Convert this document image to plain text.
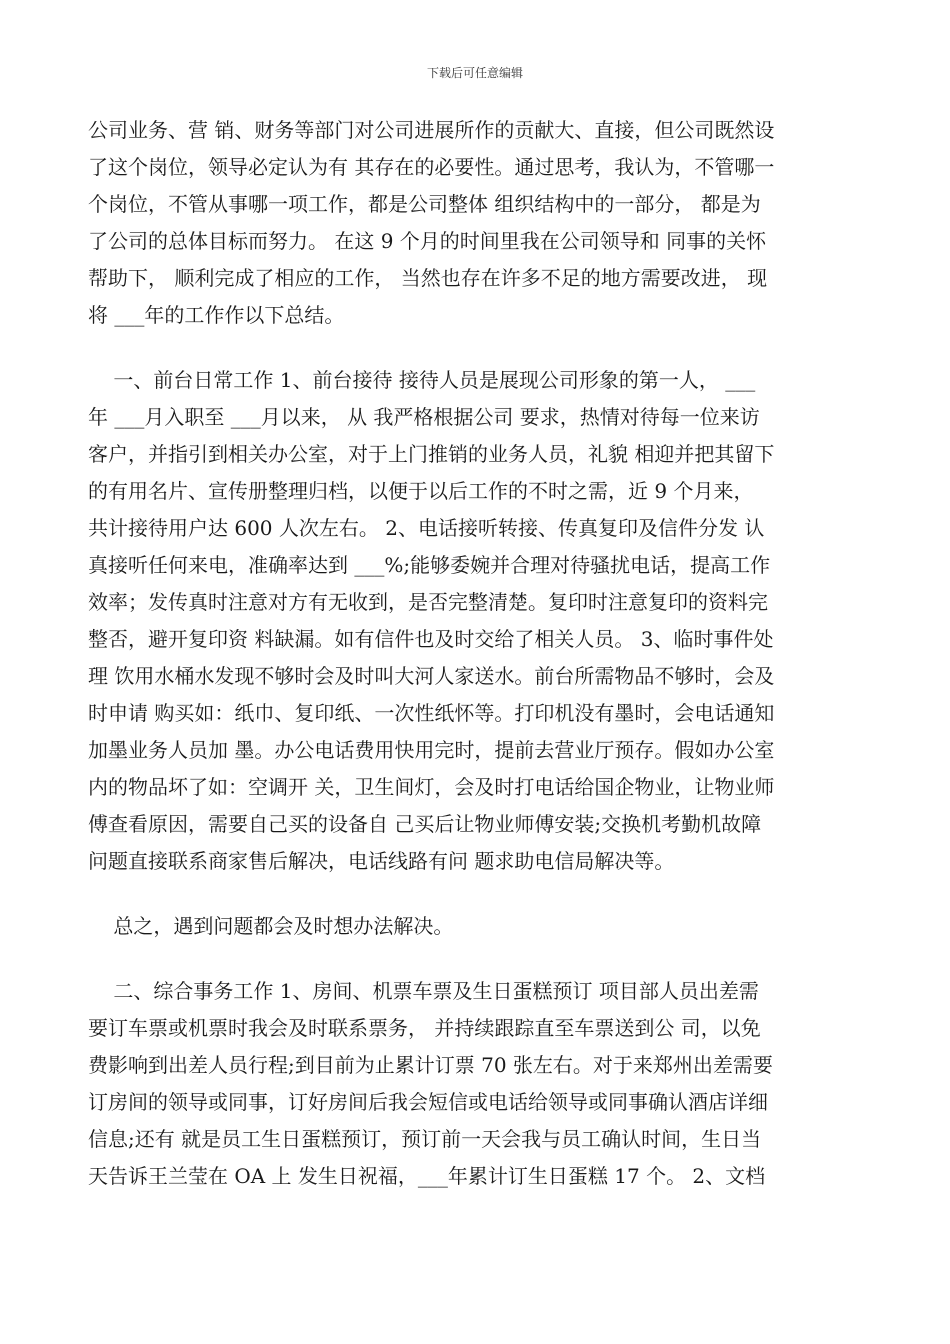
下载后可任意编辑
公司业务、营 销、财务等部门对公司进展所作的贡献大、直接，但公司既然设
了这个岗位，领导必定认为有 其存在的必要性。通过思考，我认为，不管哪一
个岗位，不管从事哪一项工作，都是公司整体 组织结构中的一部分， 都是为
了公司的总体目标而努力。 在这 9 个月的时间里我在公司领导和 同事的关怀
帮助下， 顺利完成了相应的工作， 当然也存在许多不足的地方需要改进， 现
将 ___年的工作作以下总结。
一、前台日常工作 1、前台接待 接待人员是展现公司形象的第一人， ___
年 ___月入职至 ___月以来， 从 我严格根据公司 要求，热情对待每一位来访
客户，并指引到相关办公室，对于上门推销的业务人员，礼貌 相迎并把其留下
的有用名片、宣传册整理归档，以便于以后工作的不时之需，近 9 个月来，
共计接待用户达 600 人次左右。 2、电话接听转接、传真复印及信件分发 认
真接听任何来电，准确率达到 ___%;能够委婉并合理对待骚扰电话，提高工作
效率；发传真时注意对方有无收到，是否完整清楚。复印时注意复印的资料完
整否，避开复印资 料缺漏。如有信件也及时交给了相关人员。 3、临时事件处
理 饮用水桶水发现不够时会及时叫大河人家送水。前台所需物品不够时，会及
时申请 购买如：纸巾、复印纸、一次性纸怀等。打印机没有墨时，会电话通知
加墨业务人员加 墨。办公电话费用快用完时，提前去营业厅预存。假如办公室
内的物品坏了如：空调开 关，卫生间灯，会及时打电话给国企物业，让物业师
傅查看原因，需要自己买的设备自 己买后让物业师傅安装;交换机考勤机故障
问题直接联系商家售后解决，电话线路有问 题求助电信局解决等。
总之，遇到问题都会及时想办法解决。
二、综合事务工作 1、房间、机票车票及生日蛋糕预订 项目部人员出差需
要订车票或机票时我会及时联系票务， 并持续跟踪直至车票送到公 司，以免
费影响到出差人员行程;到目前为止累计订票 70 张左右。对于来郑州出差需要
订房间的领导或同事，订好房间后我会短信或电话给领导或同事确认酒店详细
信息;还有 就是员工生日蛋糕预订，预订前一天会我与员工确认时间，生日当
天告诉王兰莹在 OA 上 发生日祝福，___年累计订生日蛋糕 17 个。 2、文档
